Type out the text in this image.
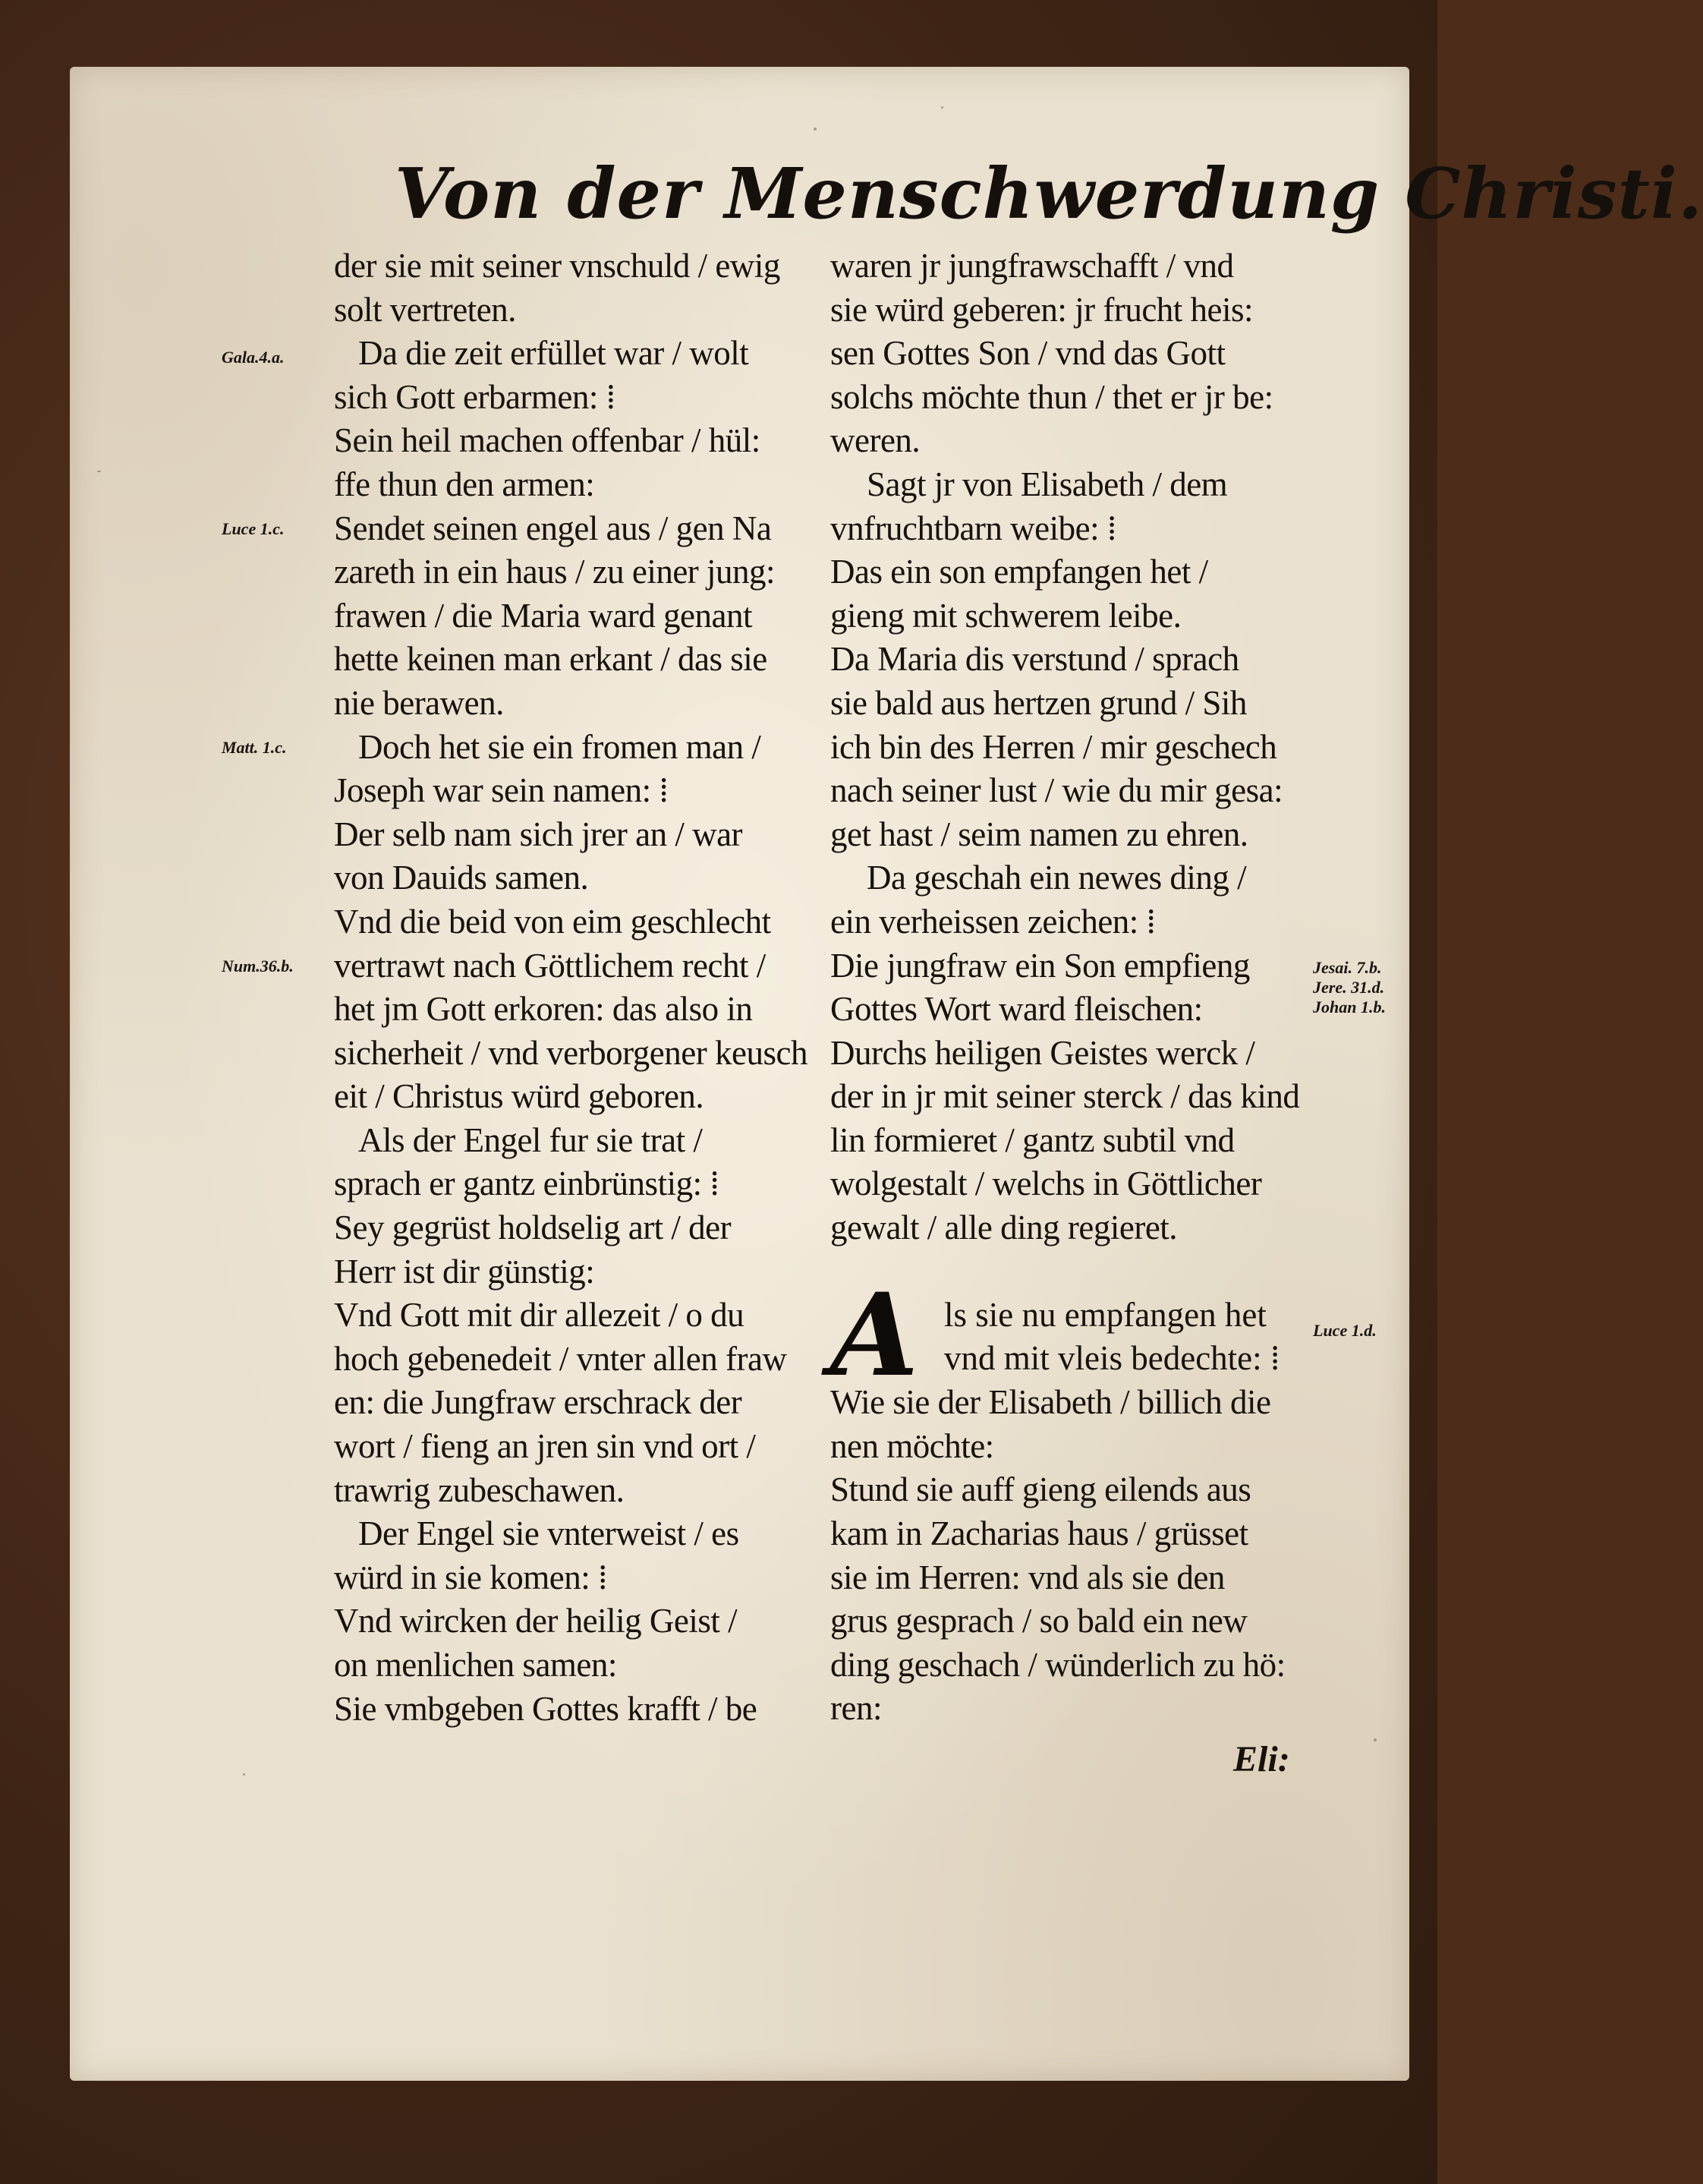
Von der Menschwerdung Christi.
Gala.4.a.
Luce 1.c.
Matt. 1.c.
Num.36.b.	Jesai. 7.b.
Jere. 31.d.
Johan 1.b.
Luce 1.d.
der sie mit seiner vnschuld / ewig
solt vertreten.
Da die zeit erfüllet war / wolt
sich Gott erbarmen: ⁞
Sein heil machen offenbar / hül:
ffe thun den armen:
Sendet seinen engel aus / gen Na
zareth in ein haus / zu einer jung:
frawen / die Maria ward genant
hette keinen man erkant / das sie
nie berawen.
Doch het sie ein fromen man /
Joseph war sein namen: ⁞
Der selb nam sich jrer an / war
von Dauids samen.
Vnd die beid von eim geschlecht
vertrawt nach Göttlichem recht /
het jm Gott erkoren: das also in
sicherheit / vnd verborgener keusch
eit / Christus würd geboren.
Als der Engel fur sie trat /
sprach er gantz einbrünstig: ⁞
Sey gegrüst holdselig art / der
Herr ist dir günstig:
Vnd Gott mit dir allezeit / o du
hoch gebenedeit / vnter allen fraw
en: die Jungfraw erschrack der
wort / fieng an jren sin vnd ort /
trawrig zubeschawen.
Der Engel sie vnterweist / es
würd in sie komen: ⁞
Vnd wircken der heilig Geist /
on menlichen samen:
Sie vmbgeben Gottes krafft / be
waren jr jungfrawschafft / vnd
sie würd geberen: jr frucht heis:
sen Gottes Son / vnd das Gott
solchs möchte thun / thet er jr be:
weren.
Sagt jr von Elisabeth / dem
vnfruchtbarn weibe: ⁞
Das ein son empfangen het /
gieng mit schwerem leibe.
Da Maria dis verstund / sprach
sie bald aus hertzen grund / Sih
ich bin des Herren / mir geschech
nach seiner lust / wie du mir gesa:
get hast / seim namen zu ehren.
Da geschah ein newes ding /
ein verheissen zeichen: ⁞
Die jungfraw ein Son empfieng
Gottes Wort ward fleischen:
Durchs heiligen Geistes werck /
der in jr mit seiner sterck / das kind
lin formieret / gantz subtil vnd
wolgestalt / welchs in Göttlicher
gewalt / alle ding regieret.
A ls sie nu empfangen het
vnd mit vleis bedechte: ⁞
Wie sie der Elisabeth / billich die
nen möchte:
Stund sie auff gieng eilends aus
kam in Zacharias haus / grüsset
sie im Herren: vnd als sie den
grus gesprach / so bald ein new
ding geschach / wünderlich zu hö:
ren:
Eli:
